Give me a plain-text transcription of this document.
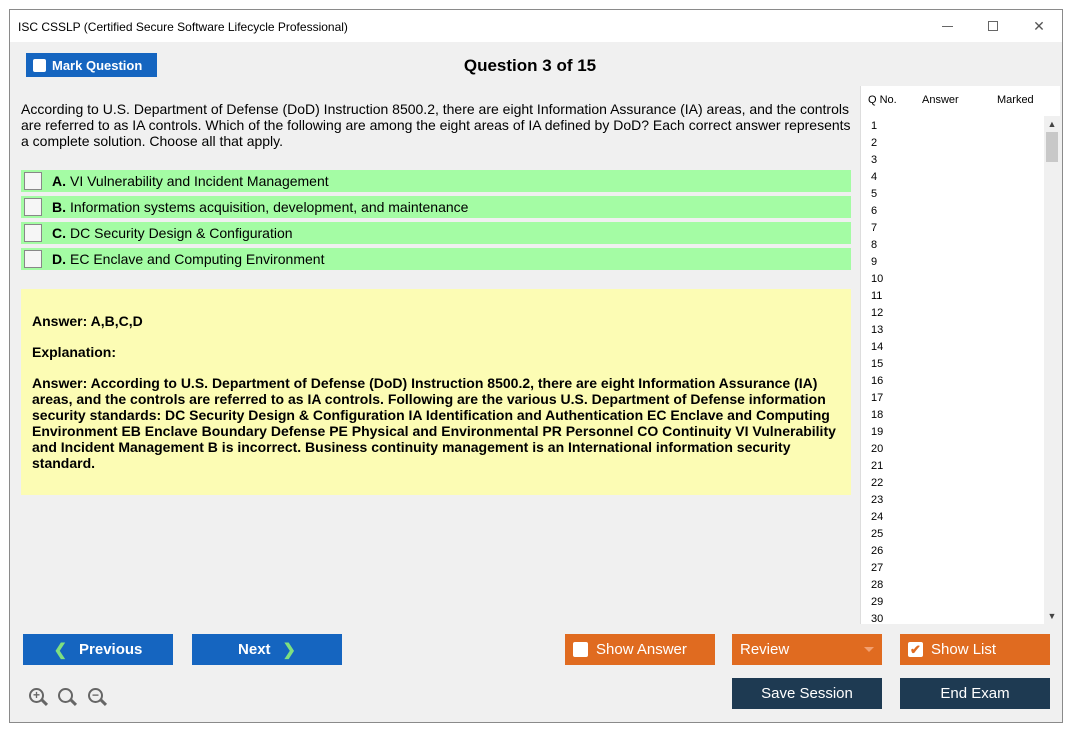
ISC CSSLP (Certified Secure Software Lifecycle Professional)	✕
Mark Question	Question 3 of 15
According to U.S. Department of Defense (DoD) Instruction 8500.2, there are eight Information Assurance (IA) areas, and the controls are referred to as IA controls. Which of the following are among the eight areas of IA defined by DoD? Each correct answer represents a complete solution. Choose all that apply.
A. VI Vulnerability and Incident Management
B. Information systems acquisition, development, and maintenance
C. DC Security Design & Configuration
D. EC Enclave and Computing Environment
Answer: A,B,C,D
Explanation:
Answer: According to U.S. Department of Defense (DoD) Instruction 8500.2, there are eight Information Assurance (IA) areas, and the controls are referred to as IA controls. Following are the various U.S. Department of Defense information security standards: DC Security Design & Configuration IA Identification and Authentication EC Enclave and Computing Environment EB Enclave Boundary Defense PE Physical and Environmental PR Personnel CO Continuity VI Vulnerability and Incident Management B is incorrect. Business continuity management is an International information security standard.
Q No. Answer	Marked
1
2
3
4
5
6
7
8
9
10
11
12
13
14
15
16
17
18
19
20
21
22
23
24
25
26
27
28
29
30
▲
▼
❮ Previous	Next ❯	Show Answer	Review	✔ Show List
Save Session	End Exam
+	−
